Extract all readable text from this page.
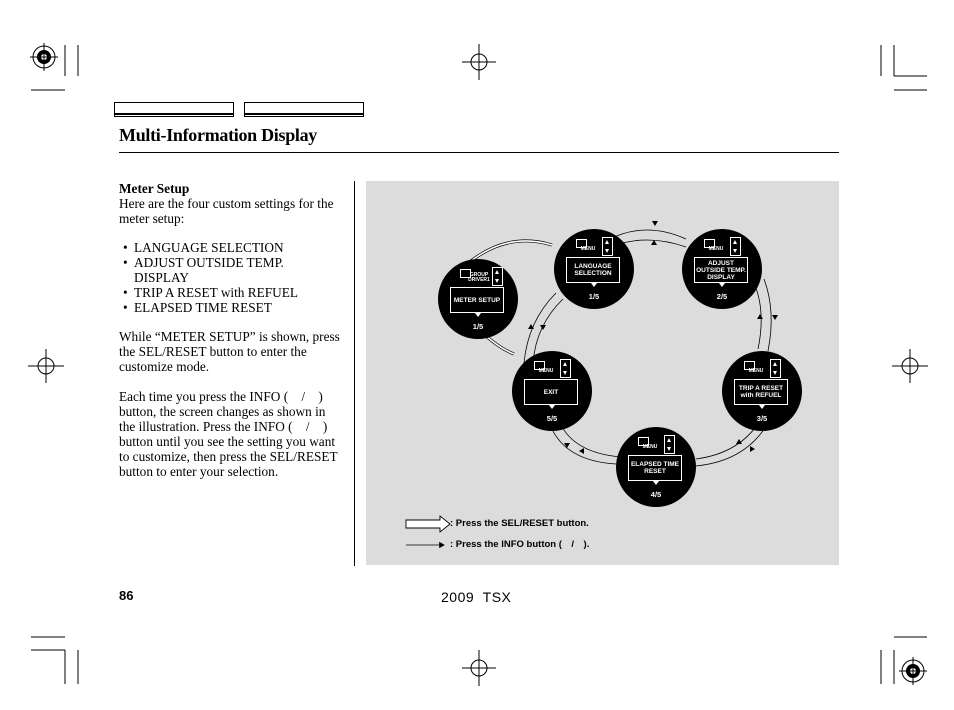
Multi-Information Display

Meter Setup

Here are the four custom settings for the meter setup:

• LANGUAGE SELECTION
• ADJUST OUTSIDE TEMP. DISPLAY
• TRIP A RESET with REFUEL
• ELAPSED TIME RESET

While “METER SETUP” is shown, press the SEL/RESET button to enter the customize mode.

Each time you press the INFO ( / ) button, the screen changes as shown in the illustration. Press the INFO ( / ) button until you see the setting you want to customize, then press the SEL/RESET button to enter your selection.

GROUP DRIVER1
METER SETUP
1/5
MENU
LANGUAGE SELECTION
1/5
MENU
ADJUST OUTSIDE TEMP. DISPLAY
2/5
MENU
TRIP A RESET with REFUEL
3/5
MENU
ELAPSED TIME RESET
4/5
MENU
EXIT
5/5
: Press the SEL/RESET button.
: Press the INFO button ( / ).
86	2009  TSX
